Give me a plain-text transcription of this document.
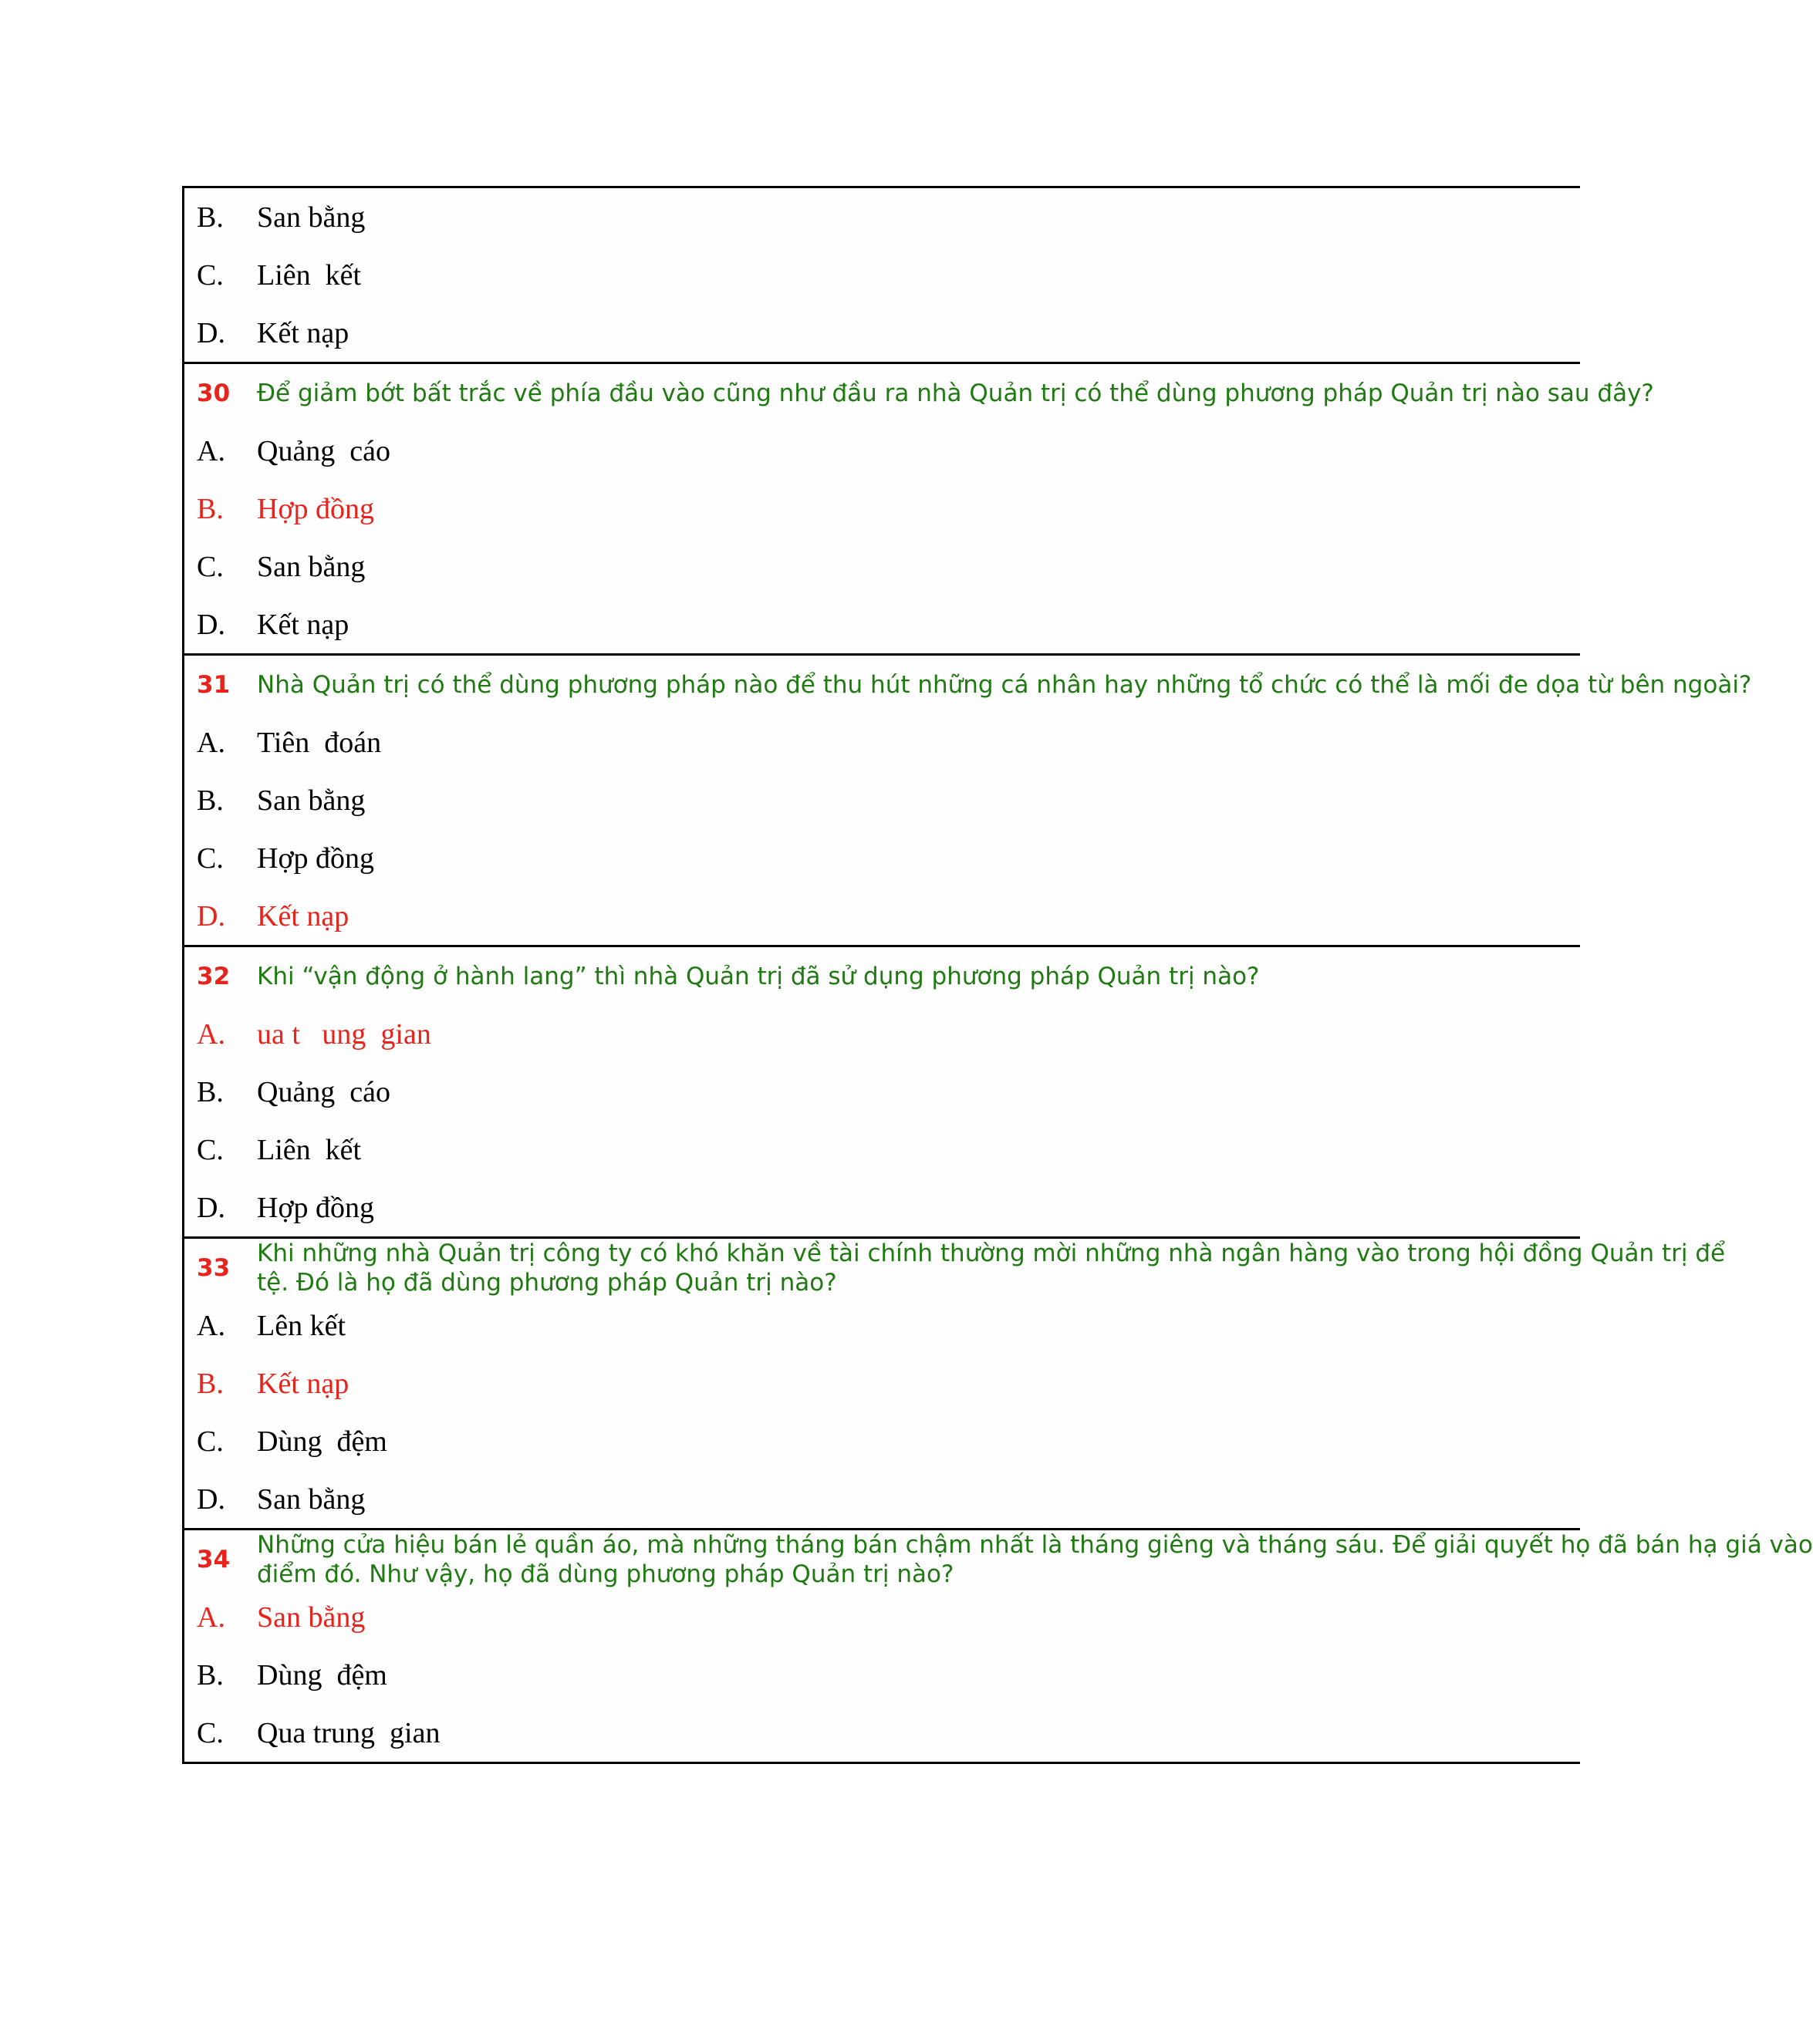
B.	San bằng
C.	Liên  kết
D.	Kết nạp
30	Để giảm bớt bất trắc về phía đầu vào cũng như đầu ra nhà Quản trị có thể dùng phương pháp Quản trị nào sau đây?
A.	Quảng  cáo
B.	Hợp đồng
C.	San bằng
D.	Kết nạp
31	Nhà Quản trị có thể dùng phương pháp nào để thu hút những cá nhân hay những tổ chức có thể là mối đe dọa từ bên ngoài?
A.	Tiên  đoán
B.	San bằng
C.	Hợp đồng
D.	Kết nạp
32	Khi “vận động ở hành lang” thì nhà Quản trị đã sử dụng phương pháp Quản trị nào?
A.	ua t   ung  gian
B.	Quảng  cáo
C.	Liên  kết
D.	Hợp đồng
33
Khi những nhà Quản trị công ty có khó khăn về tài chính thường mời những nhà ngân hàng vào trong hội đồng Quản trị để
tệ. Đó là họ đã dùng phương pháp Quản trị nào?
A.	Lên kết
B.	Kết nạp
C.	Dùng  đệm
D.	San bằng
34
Những cửa hiệu bán lẻ quần áo, mà những tháng bán chậm nhất là tháng giêng và tháng sáu. Để giải quyết họ đã bán hạ giá vào
điểm đó. Như vậy, họ đã dùng phương pháp Quản trị nào?
A.	San bằng
B.	Dùng  đệm
C.	Qua trung  gian
